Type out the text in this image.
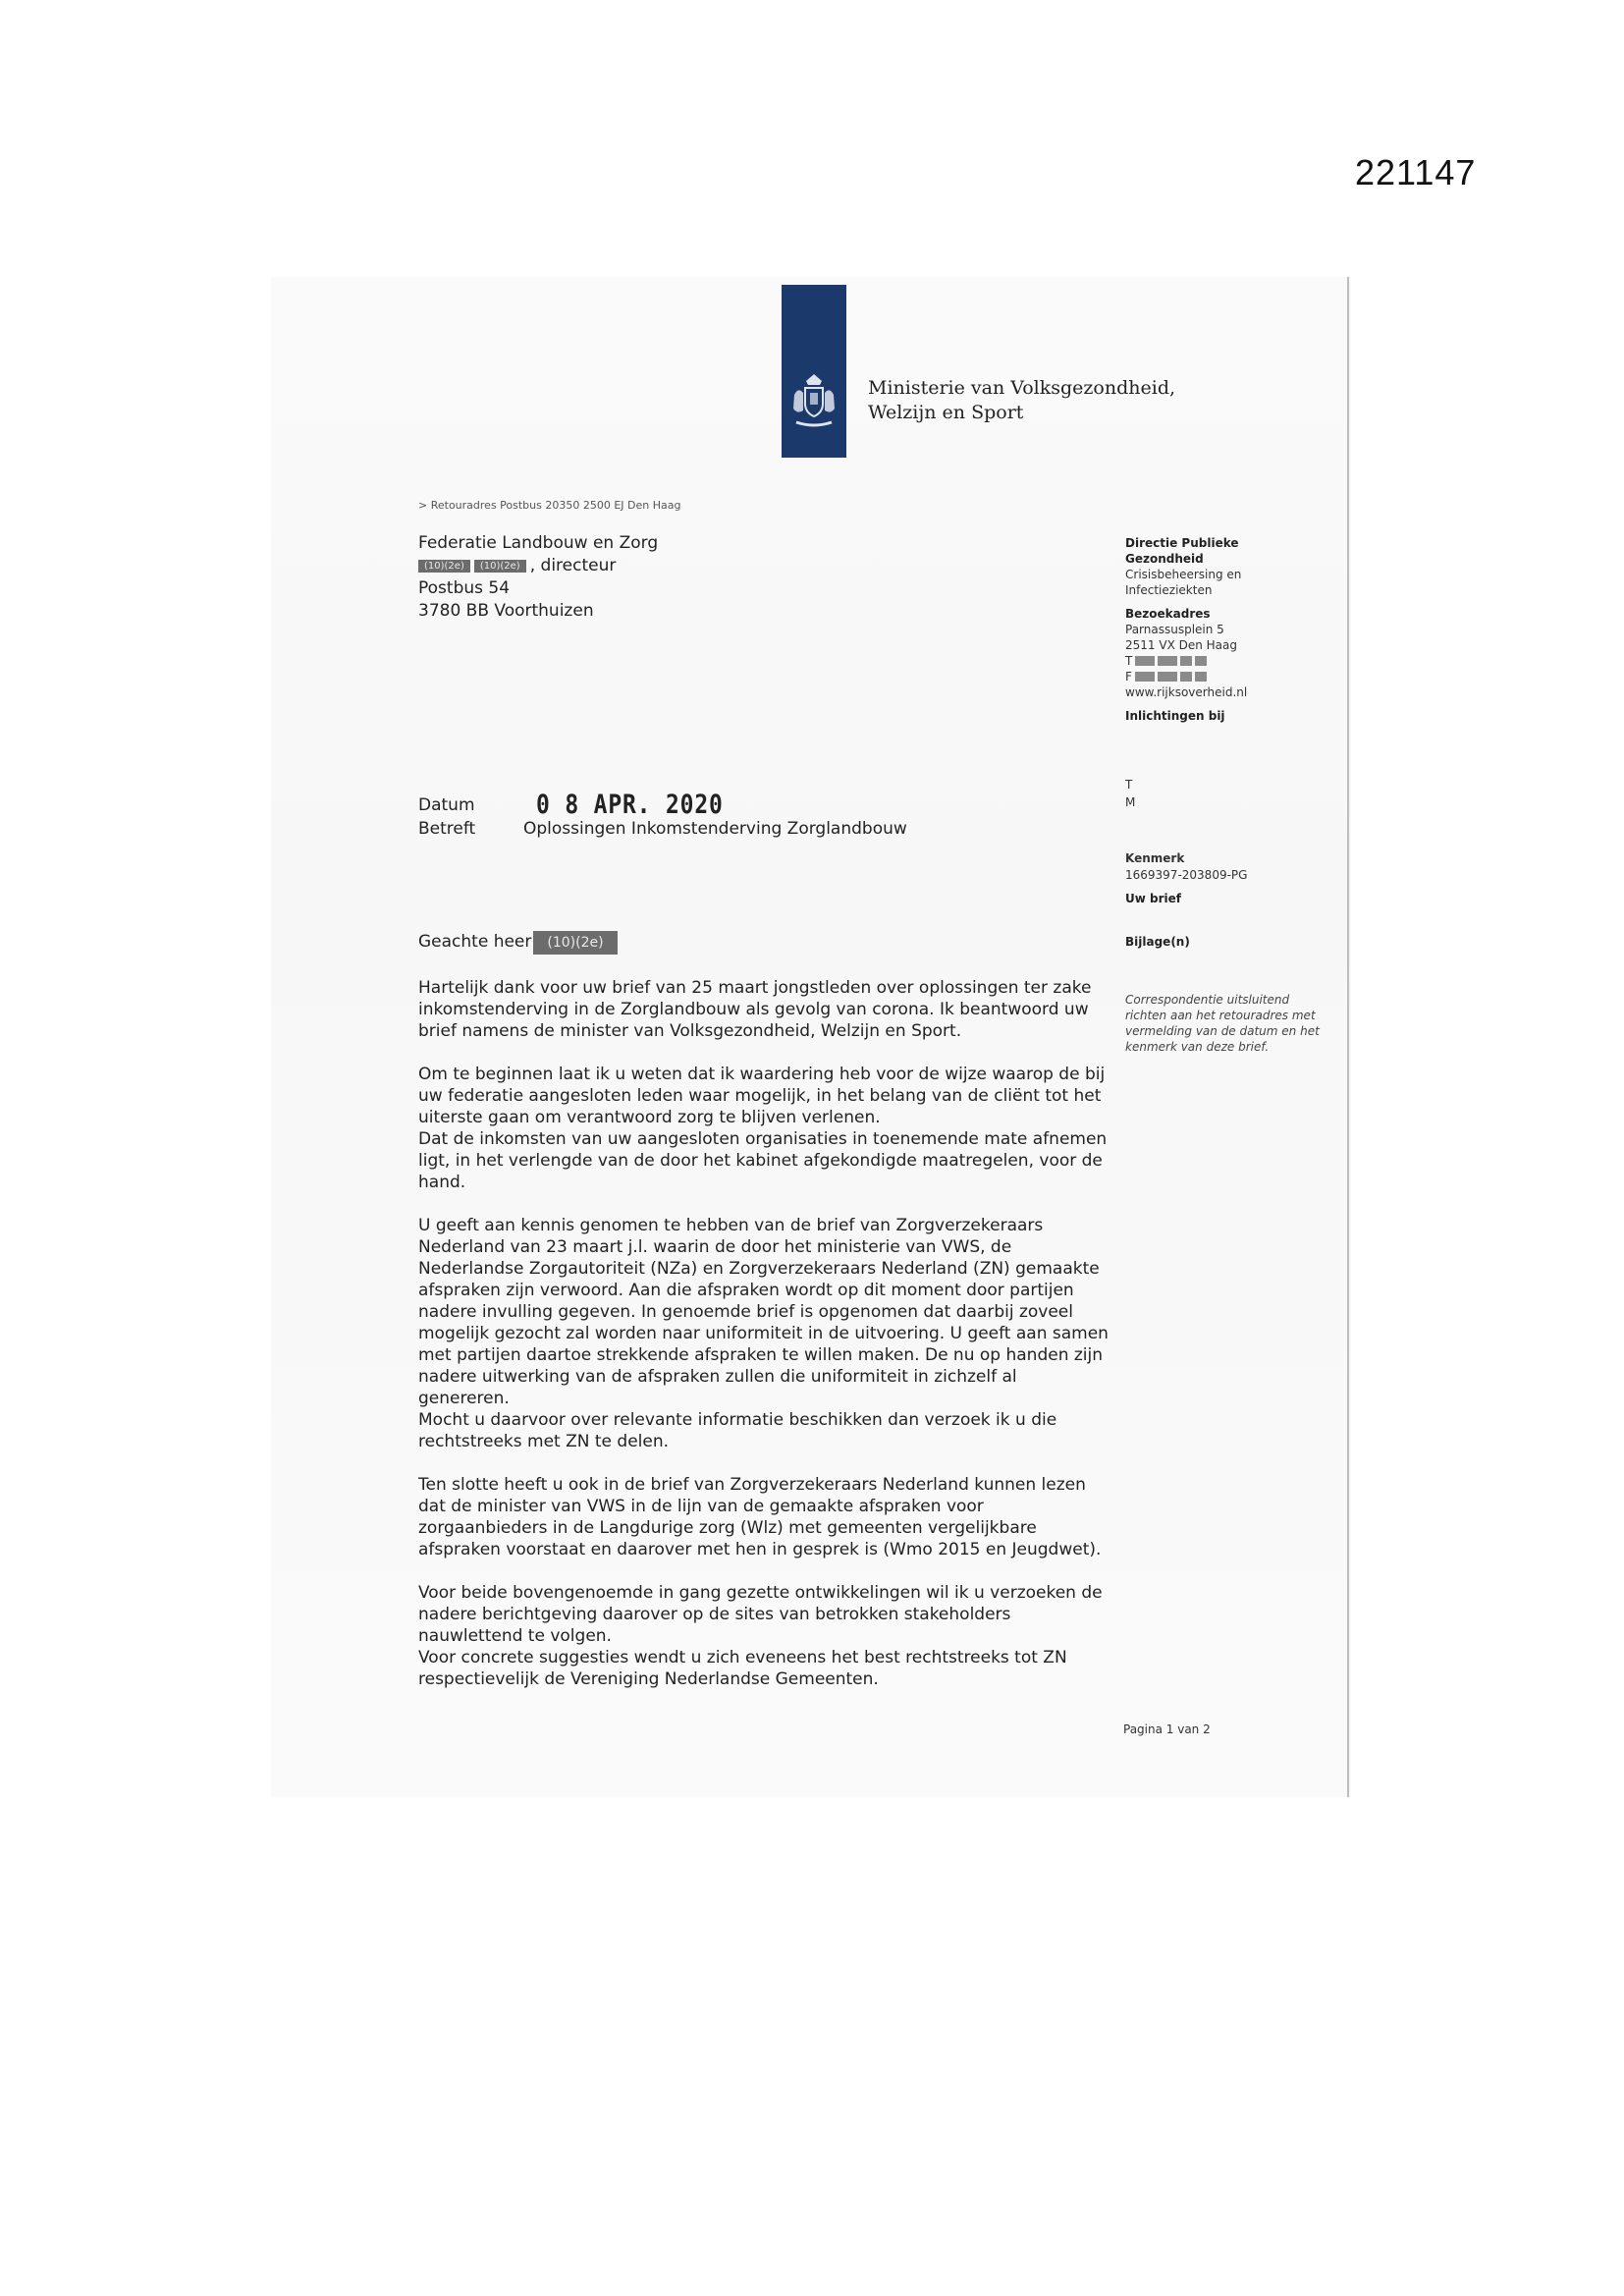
221147
Ministerie van Volksgezondheid,
Welzijn en Sport
> Retouradres Postbus 20350 2500 EJ Den Haag
Federatie Landbouw en Zorg
(10)(2e) (10)(2e) , directeur
Postbus 54
3780 BB Voorthuizen
Directie Publieke
Gezondheid
Crisisbeheersing en
Infectieziekten
Bezoekadres
Parnassusplein 5
2511 VX Den Haag
T
F
www.rijksoverheid.nl
Inlichtingen bij
T
M
Kenmerk
1669397-203809-PG
Uw brief
Bijlage(n)
Correspondentie uitsluitend richten aan het retouradres met vermelding van de datum en het kenmerk van deze brief.
Datum 0 8 APR. 2020
Betreft	Oplossingen Inkomstenderving Zorglandbouw
Geachte heer (10)(2e)

Hartelijk dank voor uw brief van 25 maart jongstleden over oplossingen ter zake
inkomstenderving in de Zorglandbouw als gevolg van corona. Ik beantwoord uw
brief namens de minister van Volksgezondheid, Welzijn en Sport.

Om te beginnen laat ik u weten dat ik waardering heb voor de wijze waarop de bij
uw federatie aangesloten leden waar mogelijk, in het belang van de cliënt tot het
uiterste gaan om verantwoord zorg te blijven verlenen.
Dat de inkomsten van uw aangesloten organisaties in toenemende mate afnemen
ligt, in het verlengde van de door het kabinet afgekondigde maatregelen, voor de
hand.

U geeft aan kennis genomen te hebben van de brief van Zorgverzekeraars
Nederland van 23 maart j.l. waarin de door het ministerie van VWS, de
Nederlandse Zorgautoriteit (NZa) en Zorgverzekeraars Nederland (ZN) gemaakte
afspraken zijn verwoord. Aan die afspraken wordt op dit moment door partijen
nadere invulling gegeven. In genoemde brief is opgenomen dat daarbij zoveel
mogelijk gezocht zal worden naar uniformiteit in de uitvoering. U geeft aan samen
met partijen daartoe strekkende afspraken te willen maken. De nu op handen zijn
nadere uitwerking van de afspraken zullen die uniformiteit in zichzelf al genereren.
Mocht u daarvoor over relevante informatie beschikken dan verzoek ik u die
rechtstreeks met ZN te delen.

Ten slotte heeft u ook in de brief van Zorgverzekeraars Nederland kunnen lezen
dat de minister van VWS in de lijn van de gemaakte afspraken voor
zorgaanbieders in de Langdurige zorg (Wlz) met gemeenten vergelijkbare
afspraken voorstaat en daarover met hen in gesprek is (Wmo 2015 en Jeugdwet).

Voor beide bovengenoemde in gang gezette ontwikkelingen wil ik u verzoeken de
nadere berichtgeving daarover op de sites van betrokken stakeholders
nauwlettend te volgen.
Voor concrete suggesties wendt u zich eveneens het best rechtstreeks tot ZN
respectievelijk de Vereniging Nederlandse Gemeenten.

Pagina 1 van 2
